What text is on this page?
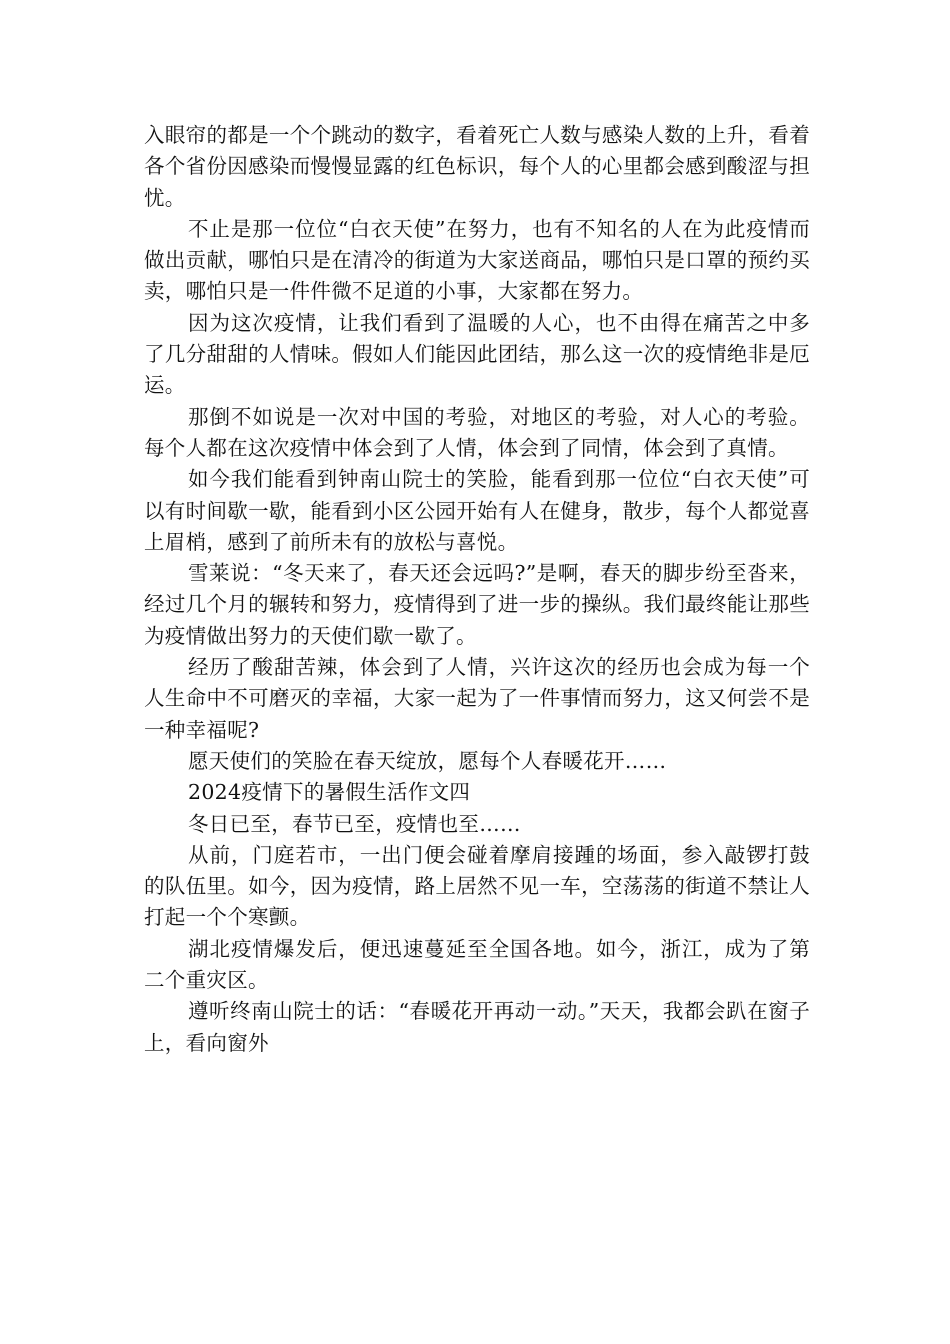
入眼帘的都是一个个跳动的数字，看着死亡人数与感染人数的上升，看着各个省份因感染而慢慢显露的红色标识，每个人的心里都会感到酸涩与担忧。

不止是那一位位“白衣天使”在努力，也有不知名的人在为此疫情而做出贡献，哪怕只是在清冷的街道为大家送商品，哪怕只是口罩的预约买卖，哪怕只是一件件微不足道的小事，大家都在努力。

因为这次疫情，让我们看到了温暖的人心，也不由得在痛苦之中多了几分甜甜的人情味。假如人们能因此团结，那么这一次的疫情绝非是厄运。

那倒不如说是一次对中国的考验，对地区的考验，对人心的考验。每个人都在这次疫情中体会到了人情，体会到了同情，体会到了真情。

如今我们能看到钟南山院士的笑脸，能看到那一位位“白衣天使”可以有时间歇一歇，能看到小区公园开始有人在健身，散步，每个人都觉喜上眉梢，感到了前所未有的放松与喜悦。

雪莱说：“冬天来了，春天还会远吗?”是啊，春天的脚步纷至沓来，经过几个月的辗转和努力，疫情得到了进一步的操纵。我们最终能让那些为疫情做出努力的天使们歇一歇了。

经历了酸甜苦辣，体会到了人情，兴许这次的经历也会成为每一个人生命中不可磨灭的幸福，大家一起为了一件事情而努力，这又何尝不是一种幸福呢?

愿天使们的笑脸在春天绽放，愿每个人春暖花开……

2024疫情下的暑假生活作文四

冬日已至，春节已至，疫情也至……

从前，门庭若市，一出门便会碰着摩肩接踵的场面，参入敲锣打鼓的队伍里。如今，因为疫情，路上居然不见一车，空荡荡的街道不禁让人打起一个个寒颤。

湖北疫情爆发后，便迅速蔓延至全国各地。如今，浙江，成为了第二个重灾区。

遵听终南山院士的话：“春暖花开再动一动。”天天，我都会趴在窗子上，看向窗外
